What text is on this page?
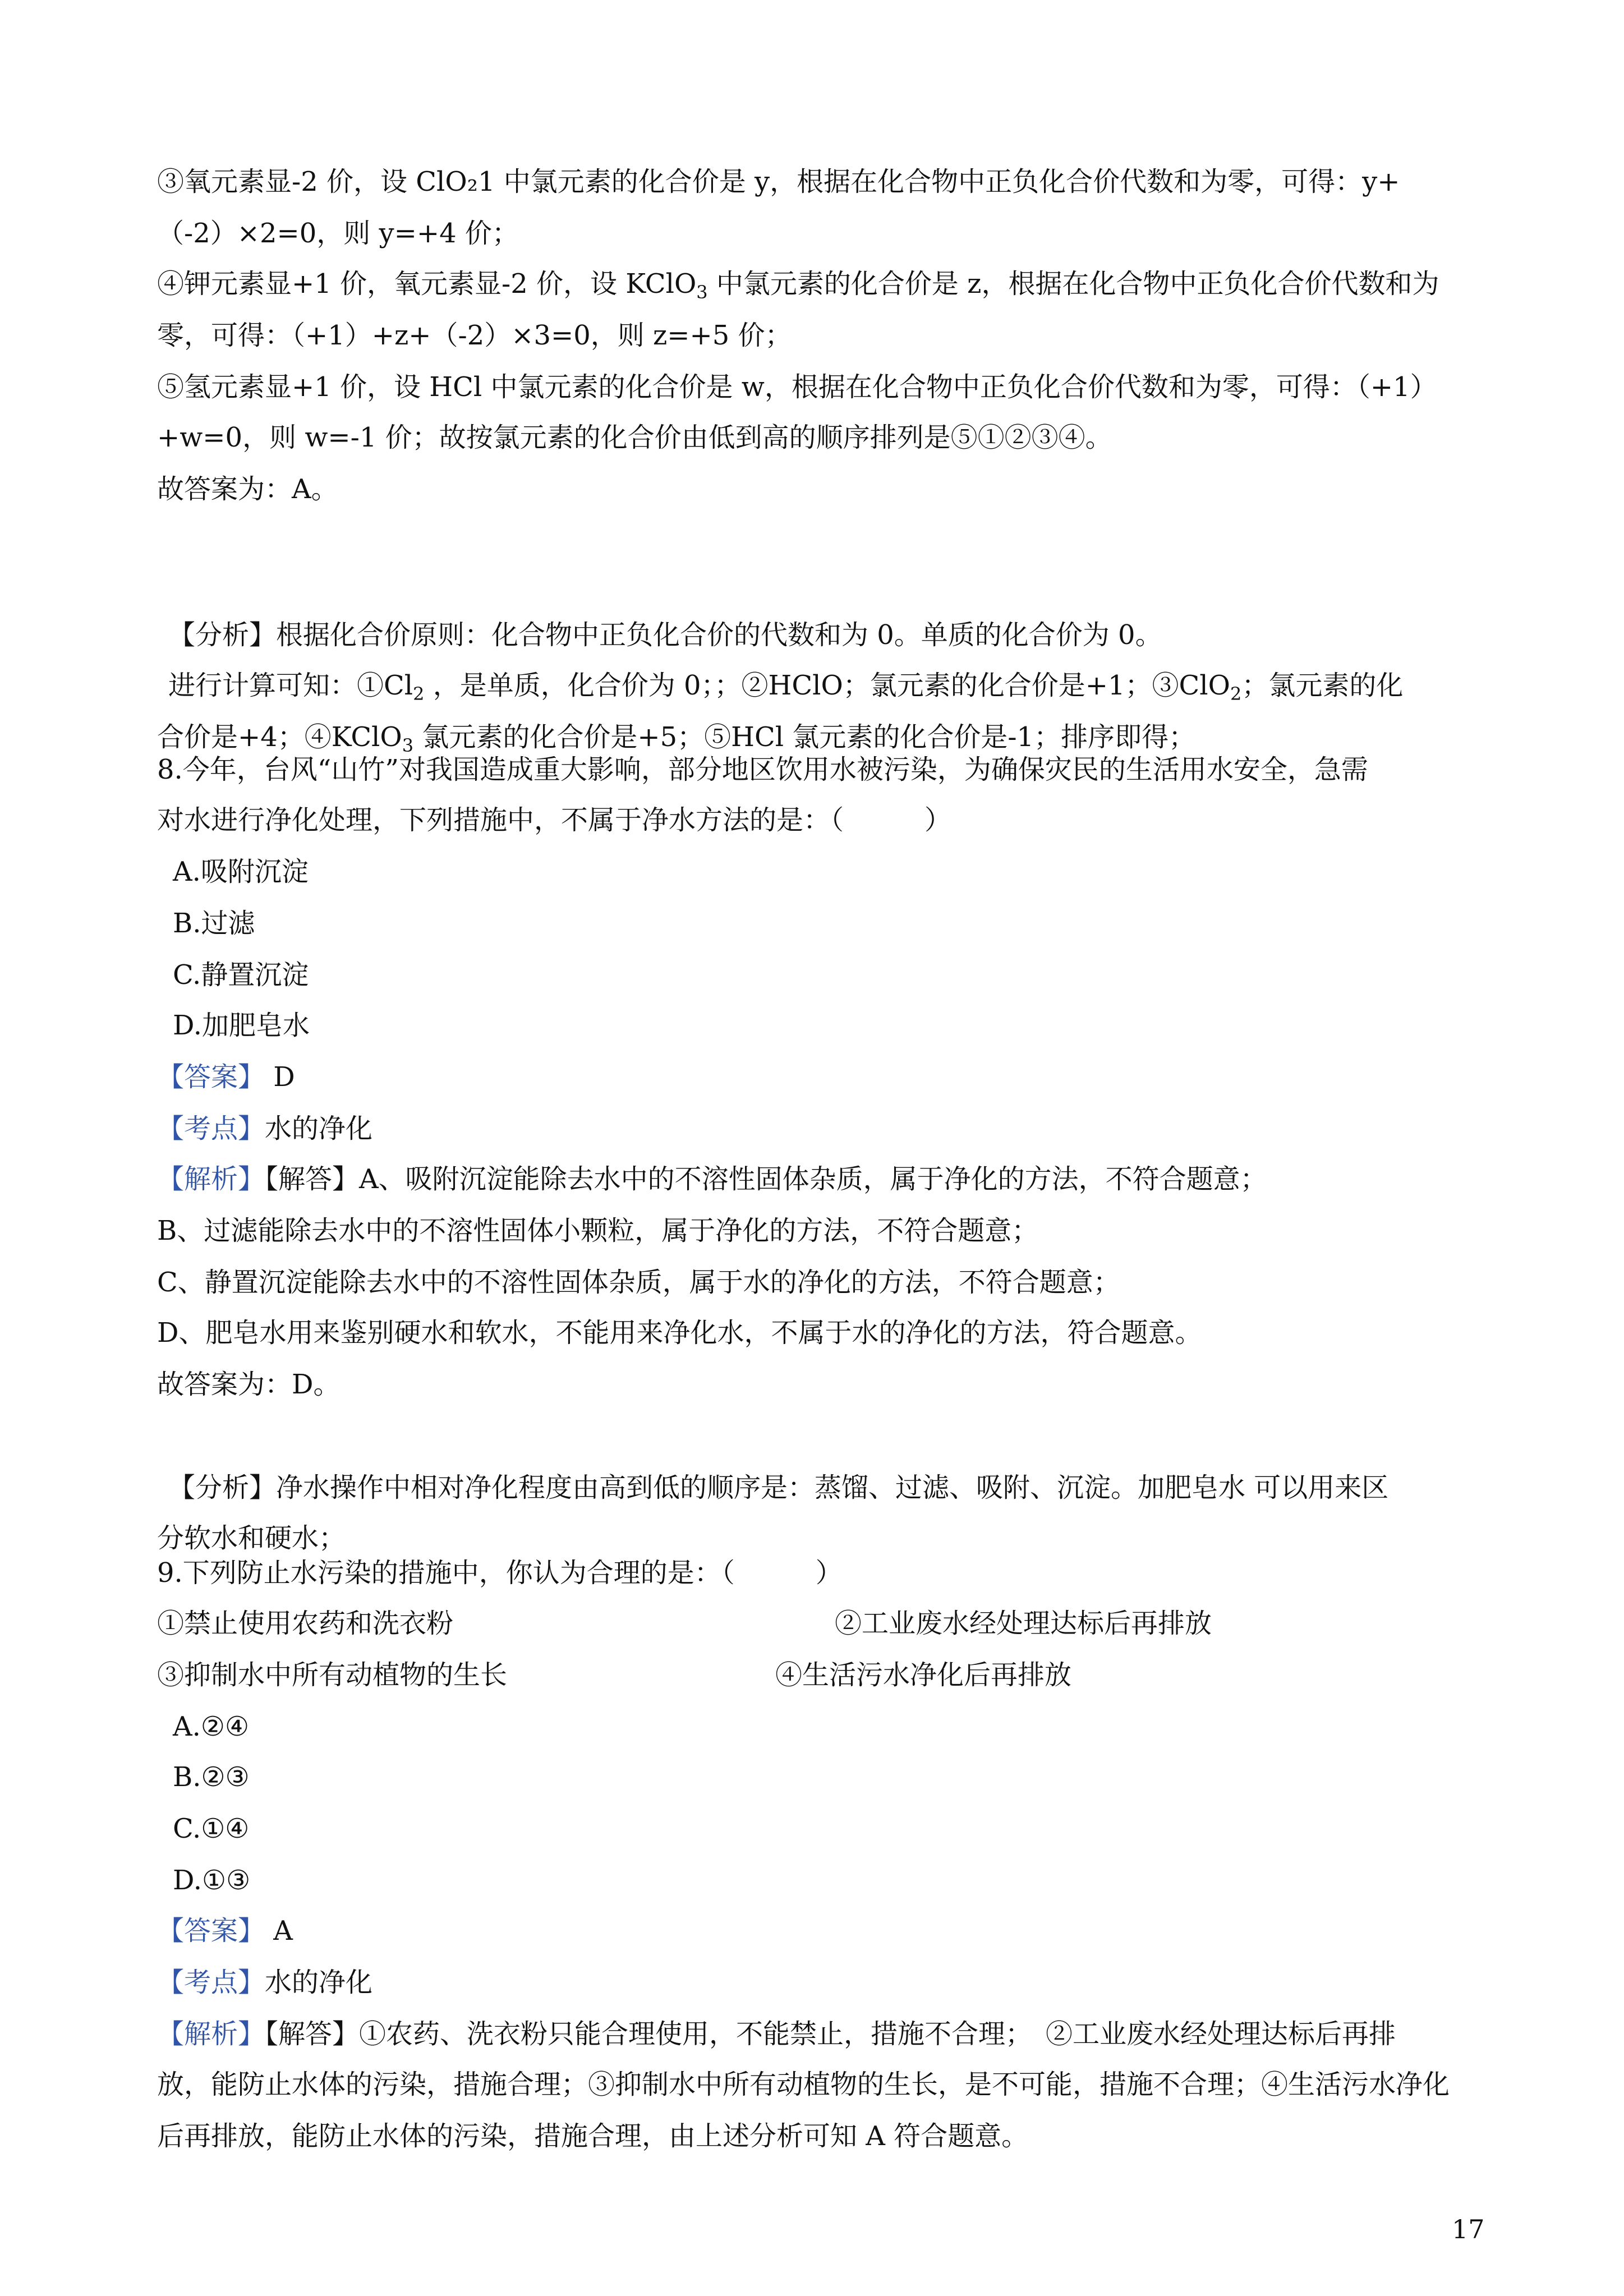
③氧元素显-2 价，设 ClO₂1 中氯元素的化合价是 y，根据在化合物中正负化合价代数和为零，可得：y+
（-2）×2=0，则 y=+4 价；
④钾元素显+1 价，氧元素显-2 价，设 KClO$_3$ 中氯元素的化合价是 z，根据在化合物中正负化合价代数和为
零，可得：（+1）+z+（-2）×3=0，则 z=+5 价；
⑤氢元素显+1 价，设 HCl 中氯元素的化合价是 w，根据在化合物中正负化合价代数和为零，可得：（+1）
+w=0，则 w=-1 价；故按氯元素的化合价由低到高的顺序排列是⑤①②③④。
故答案为：A。
【分析】根据化合价原则：化合物中正负化合价的代数和为 0。单质的化合价为 0。
进行计算可知：$①Cl_2$ ，是单质，化合价为 0；；②HClO；氯元素的化合价是+1；③ClO$_2$；氯元素的化
合价是+4；④KClO$_3$ 氯元素的化合价是+5；⑤HCl 氯元素的化合价是-1；排序即得；
8.今年，台风“山竹”对我国造成重大影响，部分地区饮用水被污染，为确保灾民的生活用水安全，急需
对水进行净化处理，下列措施中，不属于净水方法的是：（　　　）
A.吸附沉淀
B.过滤
C.静置沉淀
D.加肥皂水
【答案】 D
【考点】水的净化
【解析】【解答】A、吸附沉淀能除去水中的不溶性固体杂质，属于净化的方法，不符合题意；
B、过滤能除去水中的不溶性固体小颗粒，属于净化的方法，不符合题意；
C、静置沉淀能除去水中的不溶性固体杂质，属于水的净化的方法，不符合题意；
D、肥皂水用来鉴别硬水和软水，不能用来净化水，不属于水的净化的方法，符合题意。
故答案为：D。
【分析】净水操作中相对净化程度由高到低的顺序是：蒸馏、过滤、吸附、沉淀。加肥皂水 可以用来区
分软水和硬水；
9.下列防止水污染的措施中，你认为合理的是：（　　　）
①禁止使用农药和洗衣粉	②工业废水经处理达标后再排放
③抑制水中所有动植物的生长	④生活污水净化后再排放
A.②④
B.②③
C.①④
D.①③
【答案】 A
【考点】水的净化
【解析】【解答】①农药、洗衣粉只能合理使用，不能禁止，措施不合理；　②工业废水经处理达标后再排
放，能防止水体的污染，措施合理；③抑制水中所有动植物的生长，是不可能，措施不合理；④生活污水净化
后再排放，能防止水体的污染，措施合理，由上述分析可知 A 符合题意。
17
